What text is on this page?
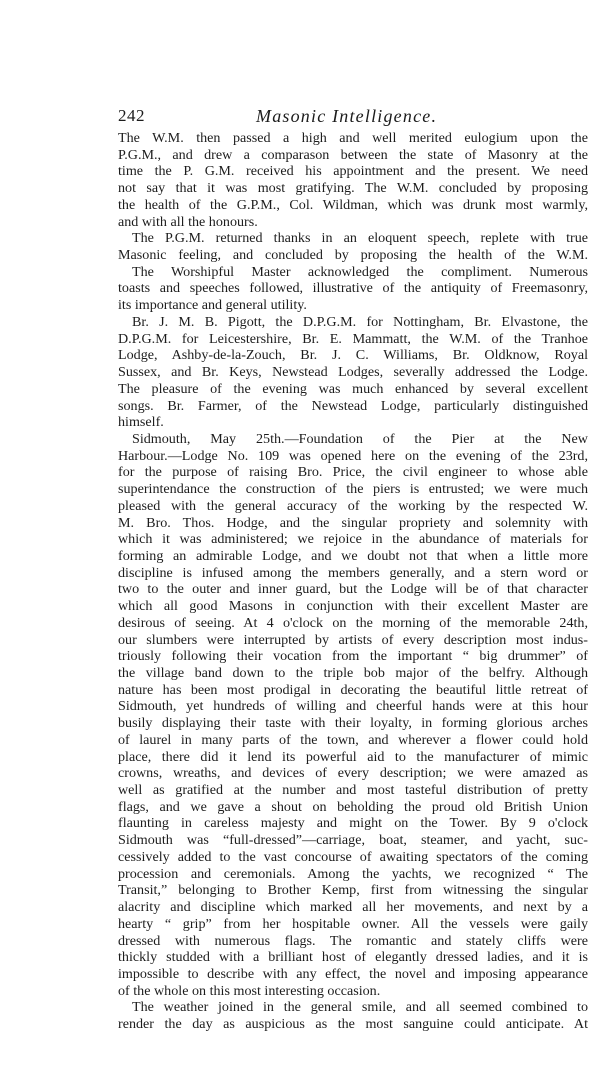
242	Masonic Intelligence.
The W.M. then passed a high and well merited eulogium upon the
P.G.M., and drew a comparason between the state of Masonry at the
time the P. G.M. received his appointment and the present. We need
not say that it was most gratifying. The W.M. concluded by proposing
the health of the G.P.M., Col. Wildman, which was drunk most warmly,
and with all the honours.
The P.G.M. returned thanks in an eloquent speech, replete with true
Masonic feeling, and concluded by proposing the health of the W.M.
The Worshipful Master acknowledged the compliment. Numerous
toasts and speeches followed, illustrative of the antiquity of Freemasonry,
its importance and general utility.
Br. J. M. B. Pigott, the D.P.G.M. for Nottingham, Br. Elvastone, the
D.P.G.M. for Leicestershire, Br. E. Mammatt, the W.M. of the Tranhoe
Lodge, Ashby-de-la-Zouch, Br. J. C. Williams, Br. Oldknow, Royal
Sussex, and Br. Keys, Newstead Lodges, severally addressed the Lodge.
The pleasure of the evening was much enhanced by several excellent
songs. Br. Farmer, of the Newstead Lodge, particularly distinguished
himself.
Sidmouth, May 25th.—Foundation of the Pier at the New
Harbour.—Lodge No. 109 was opened here on the evening of the 23rd,
for the purpose of raising Bro. Price, the civil engineer to whose able
superintendance the construction of the piers is entrusted; we were much
pleased with the general accuracy of the working by the respected W.
M. Bro. Thos. Hodge, and the singular propriety and solemnity with
which it was administered; we rejoice in the abundance of materials for
forming an admirable Lodge, and we doubt not that when a little more
discipline is infused among the members generally, and a stern word or
two to the outer and inner guard, but the Lodge will be of that character
which all good Masons in conjunction with their excellent Master are
desirous of seeing. At 4 o'clock on the morning of the memorable 24th,
our slumbers were interrupted by artists of every description most indus-
triously following their vocation from the important “ big drummer” of
the village band down to the triple bob major of the belfry. Although
nature has been most prodigal in decorating the beautiful little retreat of
Sidmouth, yet hundreds of willing and cheerful hands were at this hour
busily displaying their taste with their loyalty, in forming glorious arches
of laurel in many parts of the town, and wherever a flower could hold
place, there did it lend its powerful aid to the manufacturer of mimic
crowns, wreaths, and devices of every description; we were amazed as
well as gratified at the number and most tasteful distribution of pretty
flags, and we gave a shout on beholding the proud old British Union
flaunting in careless majesty and might on the Tower. By 9 o'clock
Sidmouth was “full-dressed”—carriage, boat, steamer, and yacht, suc-
cessively added to the vast concourse of awaiting spectators of the coming
procession and ceremonials. Among the yachts, we recognized “ The
Transit,” belonging to Brother Kemp, first from witnessing the singular
alacrity and discipline which marked all her movements, and next by a
hearty “ grip” from her hospitable owner. All the vessels were gaily
dressed with numerous flags. The romantic and stately cliffs were
thickly studded with a brilliant host of elegantly dressed ladies, and it is
impossible to describe with any effect, the novel and imposing appearance
of the whole on this most interesting occasion.
The weather joined in the general smile, and all seemed combined to
render the day as auspicious as the most sanguine could anticipate. At
